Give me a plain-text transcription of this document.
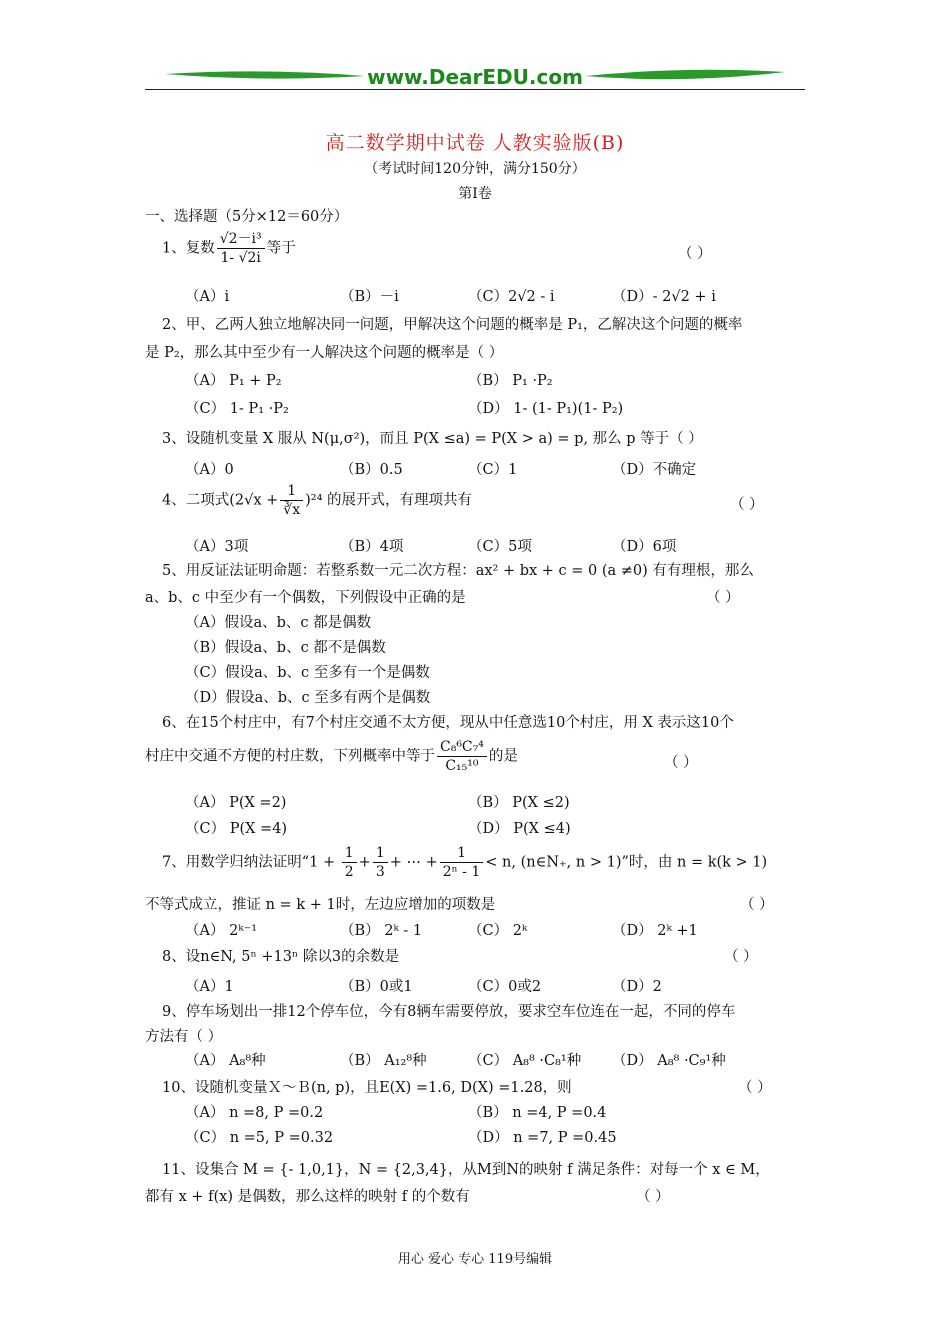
www.DearEDU.com
高二数学期中试卷 人教实验版(B)
（考试时间120分钟，满分150分）
第Ⅰ卷
一、选择题（5分×12＝60分）
1、复数 $\frac{\text{√2－i³}}{1- √2i}$ 等于	（ ）
（A）i	（B）－i	（C）2√2 - i	（D）- 2√2 + i
2、甲、乙两人独立地解决同一问题，甲解决这个问题的概率是 P₁，乙解决这个问题的概率
是 P₂，那么其中至少有一人解决这个问题的概率是（ ）
（A） P₁ + P₂	（B） P₁ ·P₂
（C） 1- P₁ ·P₂	（D） 1- (1- P₁)(1- P₂)
3、设随机变量 X 服从 N(μ,σ²)，而且 P(X ≤a) = P(X > a) = p, 那么 p 等于（ ）
（A）0	（B）0.5	（C）1	（D）不确定
4、二项式$(2√x + \frac{1}{∛x} )^{24}$ 的展开式，有理项共有	（ ）
（A）3项	（B）4项	（C）5项	（D）6项
5、用反证法证明命题：若整系数一元二次方程：ax² + bx + c = 0 (a ≠0) 有有理根，那么
a、b、c 中至少有一个偶数，下列假设中正确的是	（ ）
（A）假设a、b、c 都是偶数
（B）假设a、b、c 都不是偶数
（C）假设a、b、c 至多有一个是偶数
（D）假设a、b、c 至多有两个是偶数
6、在15个村庄中，有7个村庄交通不太方便，现从中任意选10个村庄，用 X 表示这10个
村庄中交通不方便的村庄数，下列概率中等于 $\frac{\text{C₈⁶C₇⁴}}{\text{C₁₅¹⁰}}$ 的是	（ ）
（A） P(X =2)	（B） P(X ≤2)
（C） P(X =4)	（D） P(X ≤4)
7、用数学归纳法证明“$1 + \frac{1}{2} + \frac{1}{3}$ + ⋯ + $\frac{1}{\text{2ⁿ - 1}} < n$, (n∈N₊, n > 1)”时，由 n = k(k > 1)
不等式成立，推证 n = k + 1时，左边应增加的项数是	（ ）
（A） 2ᵏ⁻¹	（B） 2ᵏ - 1	（C） 2ᵏ	（D） 2ᵏ +1
8、设n∈N, 5ⁿ +13ⁿ 除以3的余数是	（ ）
（A）1	（B）0或1	（C）0或2	（D）2
9、停车场划出一排12个停车位，今有8辆车需要停放，要求空车位连在一起，不同的停车
方法有（ ）
（A） A₈⁸种	（B） A₁₂⁸种	（C） A₈⁸ ·C₈¹种 （D） A₈⁸ ·C₉¹种
10、设随机变量Ｘ～Ｂ(n, p)，且E(X) =1.6, D(X) =1.28，则	（ ）
（A） n =8, P =0.2	（B） n =4, P =0.4
（C） n =5, P =0.32	（D） n =7, P =0.45
11、设集合 M = {- 1,0,1}，N = {2,3,4}，从M到N的映射 f 满足条件：对每一个 x ∈ M，
都有 x + f(x) 是偶数，那么这样的映射 f 的个数有	（ ）
用心 爱心 专心 119号编辑
